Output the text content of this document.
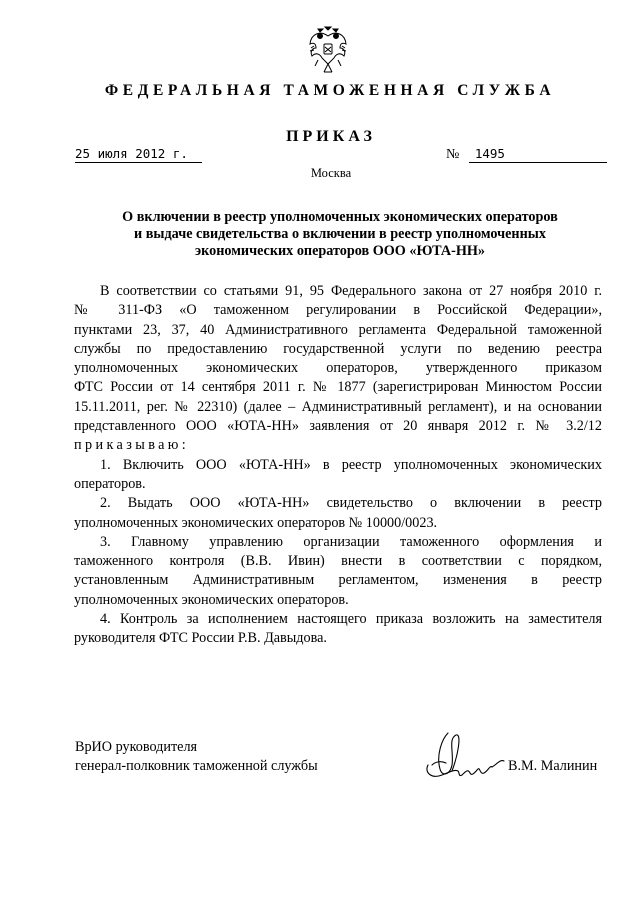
ФЕДЕРАЛЬНАЯ ТАМОЖЕННАЯ СЛУЖБА
ПРИКАЗ
25 июля 2012 г.	№ 1495
Москва
О включении в реестр уполномоченных экономических операторов
и выдаче свидетельства о включении в реестр уполномоченных
экономических операторов ООО «ЮТА-НН»
В соответствии со статьями 91, 95 Федерального закона от 27 ноября 2010 г.
№ 311-ФЗ «О таможенном регулировании в Российской Федерации»,
пунктами 23, 37, 40 Административного регламента Федеральной таможенной
службы по предоставлению государственной услуги по ведению реестра
уполномоченных экономических операторов, утвержденного приказом
ФТС России от 14 сентября 2011 г. № 1877 (зарегистрирован Минюстом России
15.11.2011, рег. № 22310) (далее – Административный регламент), и на основании
представленного ООО «ЮТА-НН» заявления от 20 января 2012 г. № 3.2/12
приказываю:
1. Включить ООО «ЮТА-НН» в реестр уполномоченных экономических
операторов.
2. Выдать ООО «ЮТА-НН» свидетельство о включении в реестр
уполномоченных экономических операторов № 10000/0023.
3. Главному управлению организации таможенного оформления и
таможенного контроля (В.В. Ивин) внести в соответствии с порядком,
установленным Административным регламентом, изменения в реестр
уполномоченных экономических операторов.
4. Контроль за исполнением настоящего приказа возложить на заместителя
руководителя ФТС России Р.В. Давыдова.
ВрИО руководителя
генерал-полковник таможенной службы	В.М. Малинин
